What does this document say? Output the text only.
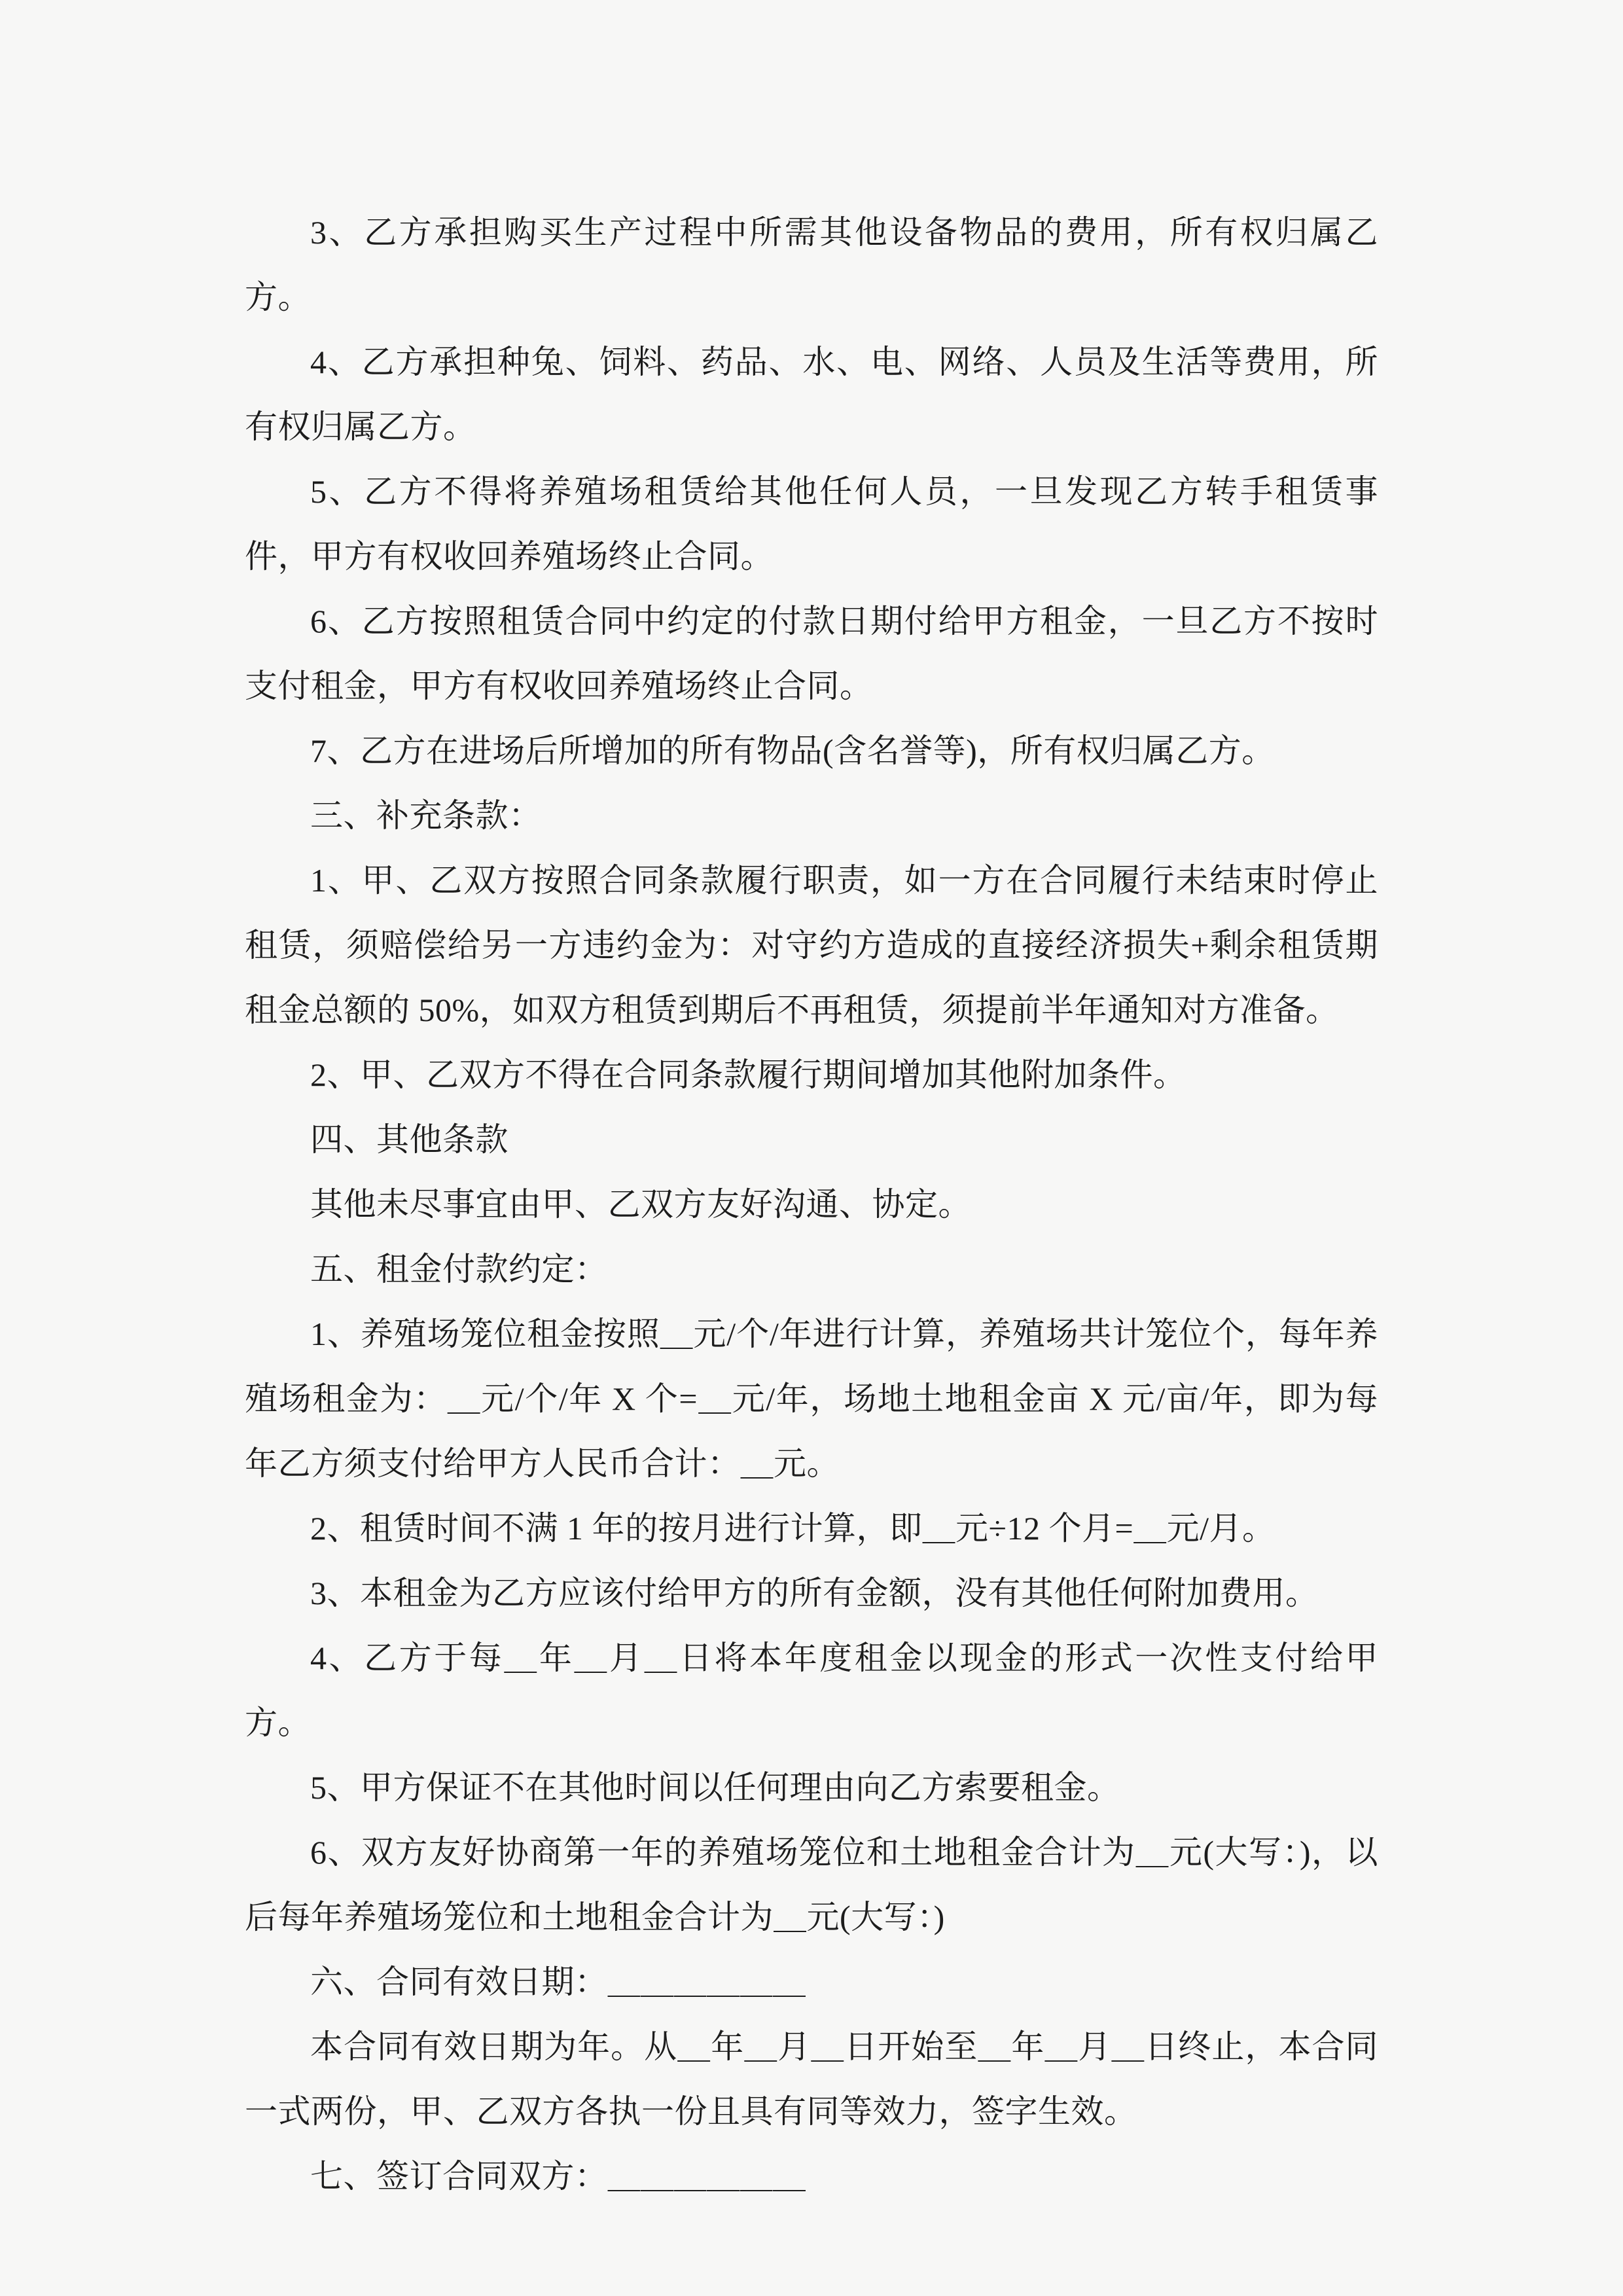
3、乙方承担购买生产过程中所需其他设备物品的费用，所有权归属乙方。

4、乙方承担种兔、饲料、药品、水、电、网络、人员及生活等费用，所有权归属乙方。

5、乙方不得将养殖场租赁给其他任何人员，一旦发现乙方转手租赁事件，甲方有权收回养殖场终止合同。

6、乙方按照租赁合同中约定的付款日期付给甲方租金，一旦乙方不按时支付租金，甲方有权收回养殖场终止合同。

7、乙方在进场后所增加的所有物品(含名誉等)，所有权归属乙方。

三、补充条款：

1、甲、乙双方按照合同条款履行职责，如一方在合同履行未结束时停止租赁，须赔偿给另一方违约金为：对守约方造成的直接经济损失+剩余租赁期租金总额的 50%，如双方租赁到期后不再租赁，须提前半年通知对方准备。

2、甲、乙双方不得在合同条款履行期间增加其他附加条件。

四、其他条款

其他未尽事宜由甲、乙双方友好沟通、协定。

五、租金付款约定：

1、养殖场笼位租金按照＿元/个/年进行计算，养殖场共计笼位个，每年养殖场租金为：＿元/个/年 X 个=＿元/年，场地土地租金亩 X 元/亩/年，即为每年乙方须支付给甲方人民币合计：＿元。

2、租赁时间不满 1 年的按月进行计算，即＿元÷12 个月=＿元/月。

3、本租金为乙方应该付给甲方的所有金额，没有其他任何附加费用。

4、乙方于每＿年＿月＿日将本年度租金以现金的形式一次性支付给甲方。

5、甲方保证不在其他时间以任何理由向乙方索要租金。

6、双方友好协商第一年的养殖场笼位和土地租金合计为＿元(大写：)，以后每年养殖场笼位和土地租金合计为＿元(大写：)

六、合同有效日期：＿＿＿＿＿＿

本合同有效日期为年。从＿年＿月＿日开始至＿年＿月＿日终止，本合同一式两份，甲、乙双方各执一份且具有同等效力，签字生效。

七、签订合同双方：＿＿＿＿＿＿
